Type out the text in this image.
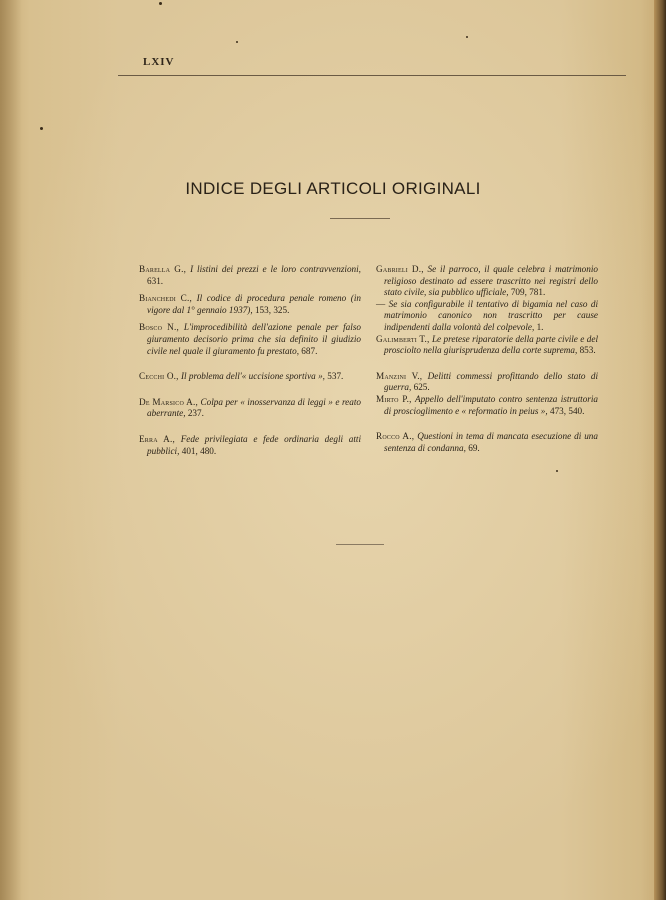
LXIV
INDICE DEGLI ARTICOLI ORIGINALI

Barella G., I listini dei prezzi e le loro contravvenzioni, 631.

Bianchedi C., Il codice di procedura penale romeno (in vigore dal 1° gennaio 1937), 153, 325.

Bosco N., L'improcedibilità dell'azione penale per falso giuramento decisorio prima che sia definito il giudizio civile nel quale il giuramento fu prestato, 687.

Cecchi O., Il problema dell'« uccisione sportiva », 537.

De Marsico A., Colpa per « inosservanza di leggi » e reato aberrante, 237.

Erra A., Fede privilegiata e fede ordinaria degli atti pubblici, 401, 480.

Gabrieli D., Se il parroco, il quale celebra i matrimonio religioso destinato ad essere trascritto nei registri dello stato civile, sia pubblico ufficiale, 709, 781.

— Se sia configurabile il tentativo di bigamia nel caso di matrimonio canonico non trascritto per cause indipendenti dalla volontà del colpevole, 1.

Galimberti T., Le pretese riparatorie della parte civile e del prosciolto nella giurisprudenza della corte suprema, 853.

Manzini V., Delitti commessi profittando dello stato di guerra, 625.

Mirto P., Appello dell'imputato contro sentenza istruttoria di proscioglimento e « reformatio in peius », 473, 540.

Rocco A., Questioni in tema di mancata esecuzione di una sentenza di condanna, 69.
